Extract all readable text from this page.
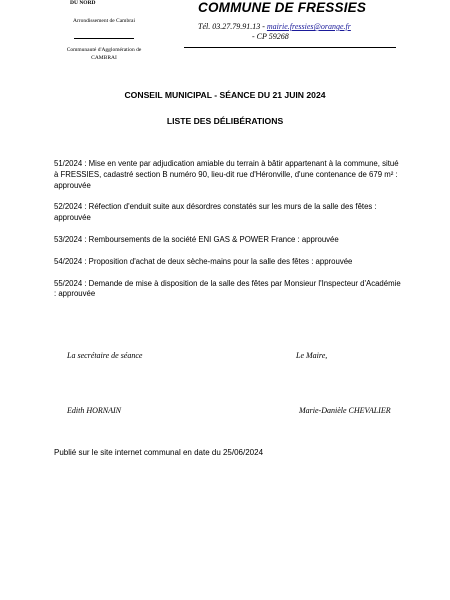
DU NORD
Arrondissement de Cambrai
Communauté d'Agglomération de CAMBRAI
COMMUNE DE FRESSIES
Tél. 03.27.79.91.13 - mairie.fressies@orange.fr
- CP 59268
CONSEIL MUNICIPAL - SÉANCE DU 21 JUIN 2024
LISTE DES DÉLIBÉRATIONS

51/2024 : Mise en vente par adjudication amiable du terrain à bâtir appartenant à la commune, situé à FRESSIES, cadastré section B numéro 90, lieu-dit rue d'Héronville, d'une contenance de 679 m² : approuvée

52/2024 : Réfection d'enduit suite aux désordres constatés sur les murs de la salle des fêtes : approuvée

53/2024 : Remboursements de la société ENI GAS & POWER France : approuvée

54/2024 : Proposition d'achat de deux sèche-mains pour la salle des fêtes : approuvée

55/2024 : Demande de mise à disposition de la salle des fêtes par Monsieur l'Inspecteur d'Académie : approuvée

La secrétaire de séance	Le Maire,
Edith HORNAIN	Marie-Danièle CHEVALIER
Publié sur le site internet communal en date du 25/06/2024
